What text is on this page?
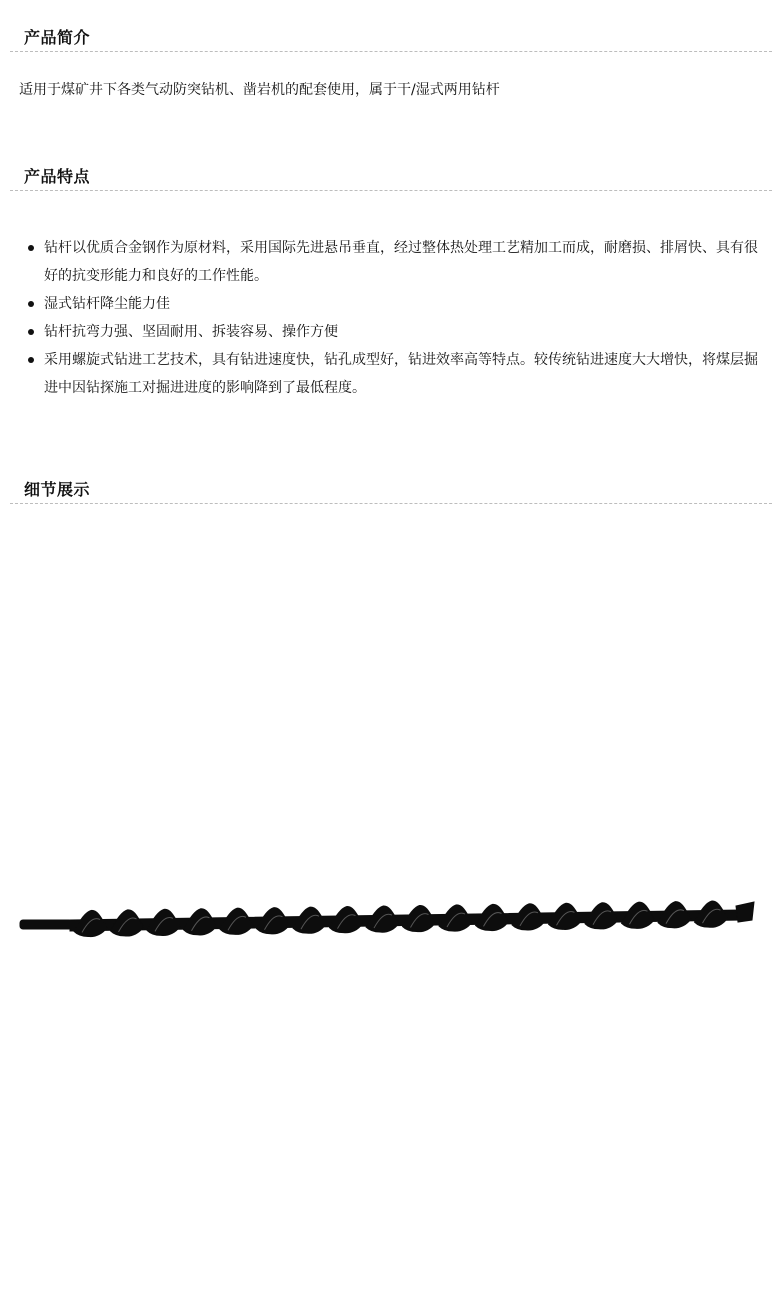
产品简介

适用于煤矿井下各类气动防突钻机、凿岩机的配套使用，属于干/湿式两用钻杆

产品特点
钻杆以优质合金钢作为原材料，采用国际先进悬吊垂直，经过整体热处理工艺精加工而成，耐磨损、排屑快、具有很好的抗变形能力和良好的工作性能。
湿式钻杆降尘能力佳
钻杆抗弯力强、坚固耐用、拆装容易、操作方便
采用螺旋式钻进工艺技术，具有钻进速度快，钻孔成型好，钻进效率高等特点。较传统钻进速度大大增快，将煤层掘进中因钻探施工对掘进进度的影响降到了最低程度。
细节展示
